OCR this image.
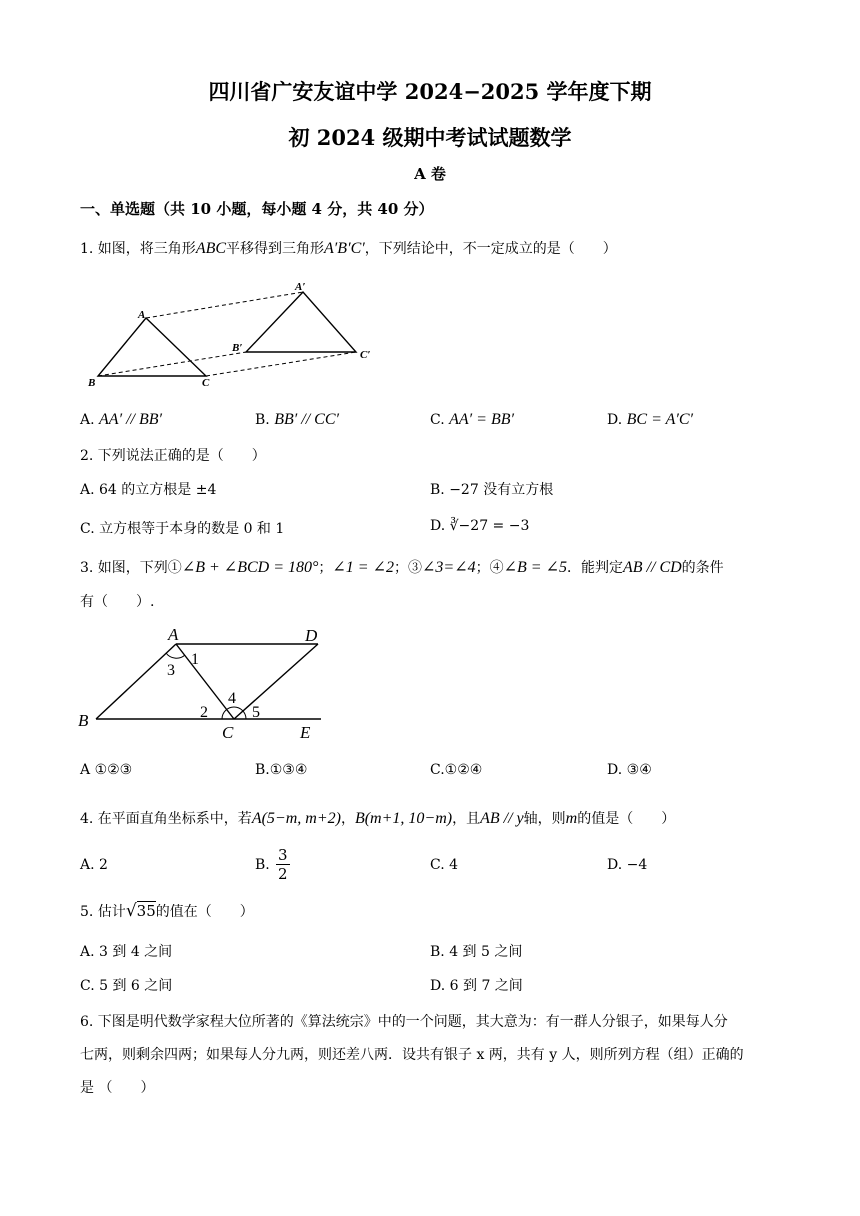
四川省广安友谊中学 2024−2025 学年度下期
初 2024 级期中考试试题数学
A 卷
一、单选题（共 10 小题，每小题 4 分，共 40 分）
1. 如图，将三角形ABC平移得到三角形A′B′C′，下列结论中，不一定成立的是（　　）
A
B	C
A′
B′
C′
A. AA′ // BB′	B. BB′ // CC′	C. AA′ = BB′	D. BC = A′C′
2. 下列说法正确的是（　　）
A. 64 的立方根是 ±4	B. −27 没有立方根
C. 立方根等于本身的数是 0 和 1	D. ∛−27 = −3
3. 如图，下列①∠B + ∠BCD = 180°；∠1 = ∠2；③∠3=∠4；④∠B = ∠5．能判定AB // CD的条件
有（　　）.
A
B
C
D
E
1
2
3
4
5
A ①②③	B.①③④	C.①②④	D. ③④
4. 在平面直角坐标系中，若A(5−m, m+2)，B(m+1, 10−m)，且AB // y轴，则m的值是（　　）
A. 2	B. $\frac{3}{2}$	C. 4	D. −4
5. 估计√35的值在（　　）
A. 3 到 4 之间	B. 4 到 5 之间
C. 5 到 6 之间	D. 6 到 7 之间
6. 下图是明代数学家程大位所著的《算法统宗》中的一个问题，其大意为：有一群人分银子，如果每人分
七两，则剩余四两；如果每人分九两，则还差八两．设共有银子 x 两，共有 y 人，则所列方程（组）正确的
是 （　　）
